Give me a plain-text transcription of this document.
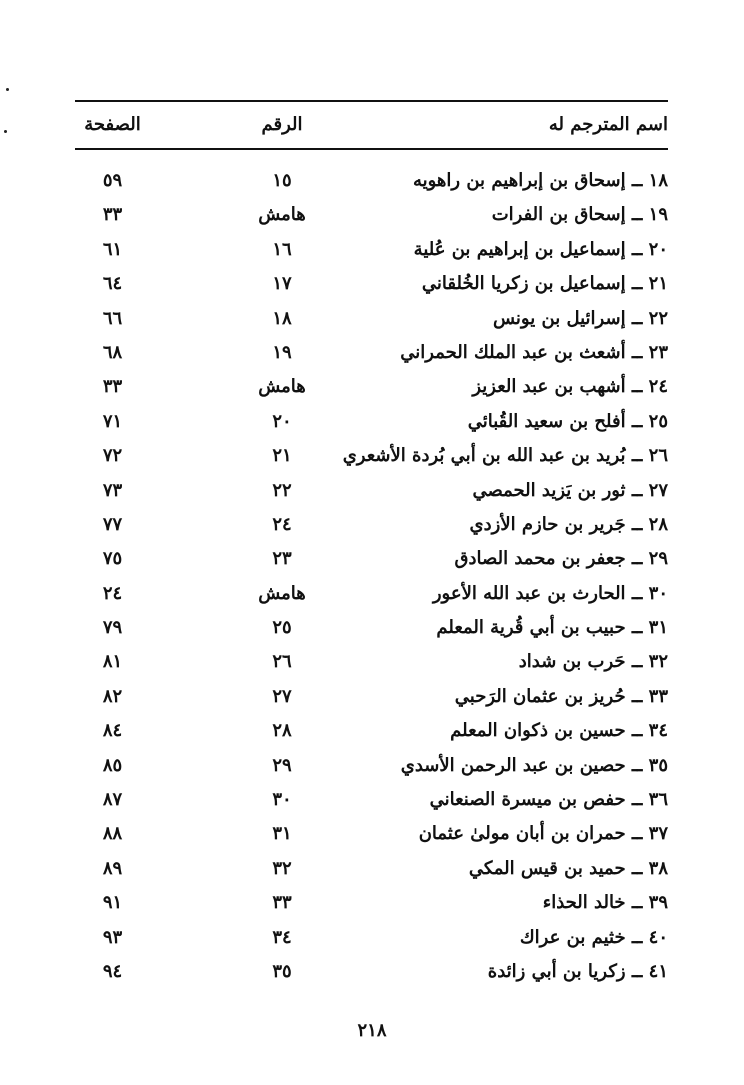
اسم المترجم له
الرقم
الصفحة
١٨ ــ إسحاق بن إبراهيم بن راهويه
١٥
٥٩
١٩ ــ إسحاق بن الفرات
هامش
٣٣
٢٠ ــ إسماعيل بن إبراهيم بن عُلية
١٦
٦١
٢١ ــ إسماعيل بن زكريا الخُلقاني
١٧
٦٤
٢٢ ــ إسرائيل بن يونس
١٨
٦٦
٢٣ ــ أشعث بن عبد الملك الحمراني
١٩
٦٨
٢٤ ــ أشهب بن عبد العزيز
هامش
٣٣
٢٥ ــ أفلح بن سعيد القُبائي
٢٠
٧١
٢٦ ــ بُريد بن عبد الله بن أبي بُردة الأشعري
٢١
٧٢
٢٧ ــ ثور بن يَزيد الحمصي
٢٢
٧٣
٢٨ ــ جَرير بن حازم الأزدي
٢٤
٧٧
٢٩ ــ جعفر بن محمد الصادق
٢٣
٧٥
٣٠ ــ الحارث بن عبد الله الأعور
هامش
٢٤
٣١ ــ حبيب بن أبي قُرية المعلم
٢٥
٧٩
٣٢ ــ حَرب بن شداد
٢٦
٨١
٣٣ ــ حُريز بن عثمان الرَحبي
٢٧
٨٢
٣٤ ــ حسين بن ذكوان المعلم
٢٨
٨٤
٣٥ ــ حصين بن عبد الرحمن الأسدي
٢٩
٨٥
٣٦ ــ حفص بن ميسرة الصنعاني
٣٠
٨٧
٣٧ ــ حمران بن أبان مولىٰ عثمان
٣١
٨٨
٣٨ ــ حميد بن قيس المكي
٣٢
٨٩
٣٩ ــ خالد الحذاء
٣٣
٩١
٤٠ ــ خثيم بن عراك
٣٤
٩٣
٤١ ــ زكريا بن أبي زائدة
٣٥
٩٤
٢١٨
